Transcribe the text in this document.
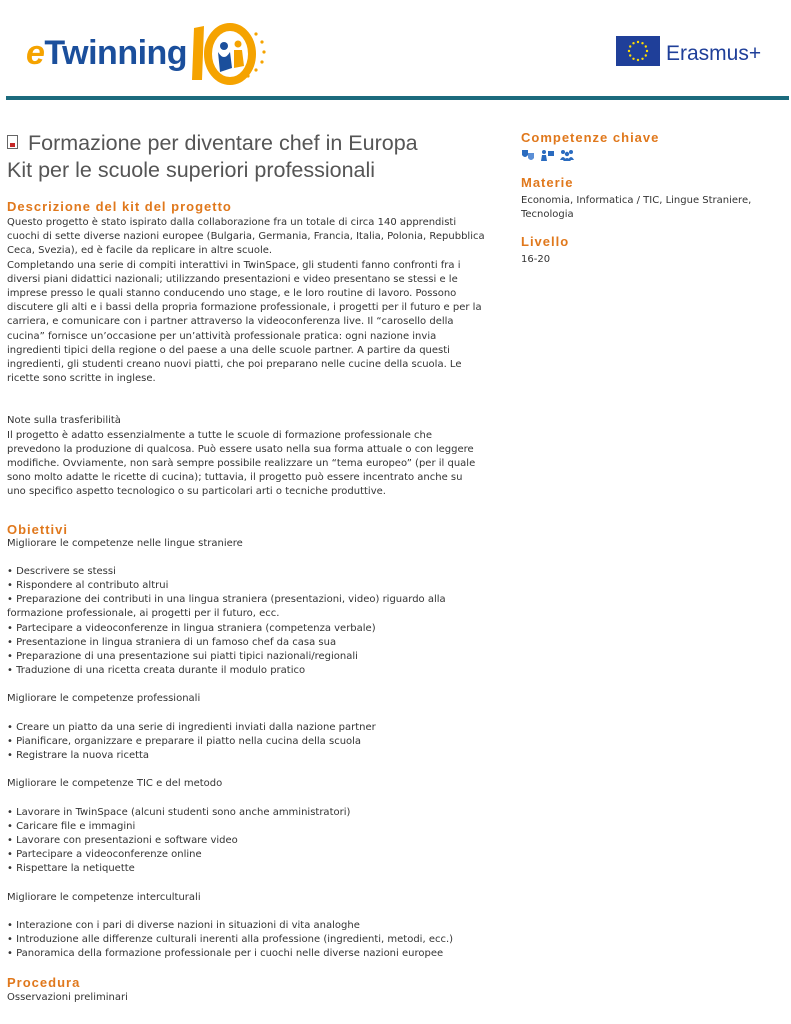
eTwinning	Erasmus+
Formazione per diventare chef in Europa
Kit per le scuole superiori professionali
Descrizione del kit del progetto

Questo progetto è stato ispirato dalla collaborazione fra un totale di circa 140 apprendisti

cuochi di sette diverse nazioni europee (Bulgaria, Germania, Francia, Italia, Polonia, Repubblica

Ceca, Svezia), ed è facile da replicare in altre scuole.

Completando una serie di compiti interattivi in TwinSpace, gli studenti fanno confronti fra i

diversi piani didattici nazionali; utilizzando presentazioni e video presentano se stessi e le

imprese presso le quali stanno conducendo uno stage, e le loro routine di lavoro. Possono

discutere gli alti e i bassi della propria formazione professionale, i progetti per il futuro e per la

carriera, e comunicare con i partner attraverso la videoconferenza live. Il “carosello della

cucina” fornisce un’occasione per un’attività professionale pratica: ogni nazione invia

ingredienti tipici della regione o del paese a una delle scuole partner. A partire da questi

ingredienti, gli studenti creano nuovi piatti, che poi preparano nelle cucine della scuola. Le

ricette sono scritte in inglese.

Note sulla trasferibilità

Il progetto è adatto essenzialmente a tutte le scuole di formazione professionale che

prevedono la produzione di qualcosa. Può essere usato nella sua forma attuale o con leggere

modifiche. Ovviamente, non sarà sempre possibile realizzare un “tema europeo” (per il quale

sono molto adatte le ricette di cucina); tuttavia, il progetto può essere incentrato anche su

uno specifico aspetto tecnologico o su particolari arti o tecniche produttive.

Obiettivi

Migliorare le competenze nelle lingue straniere

• Descrivere se stessi

• Rispondere al contributo altrui

• Preparazione dei contributi in una lingua straniera (presentazioni, video) riguardo alla

formazione professionale, ai progetti per il futuro, ecc.

• Partecipare a videoconferenze in lingua straniera (competenza verbale)

• Presentazione in lingua straniera di un famoso chef da casa sua

• Preparazione di una presentazione sui piatti tipici nazionali/regionali

• Traduzione di una ricetta creata durante il modulo pratico

Migliorare le competenze professionali

• Creare un piatto da una serie di ingredienti inviati dalla nazione partner

• Pianificare, organizzare e preparare il piatto nella cucina della scuola

• Registrare la nuova ricetta

Migliorare le competenze TIC e del metodo

• Lavorare in TwinSpace (alcuni studenti sono anche amministratori)

• Caricare file e immagini

• Lavorare con presentazioni e software video

• Partecipare a videoconferenze online

• Rispettare la netiquette

Migliorare le competenze interculturali

• Interazione con i pari di diverse nazioni in situazioni di vita analoghe

• Introduzione alle differenze culturali inerenti alla professione (ingredienti, metodi, ecc.)

• Panoramica della formazione professionale per i cuochi nelle diverse nazioni europee

Procedura

Osservazioni preliminari

Competenze chiave
Materie

Economia, Informatica / TIC, Lingue Straniere,
Tecnologia

Livello

16-20
